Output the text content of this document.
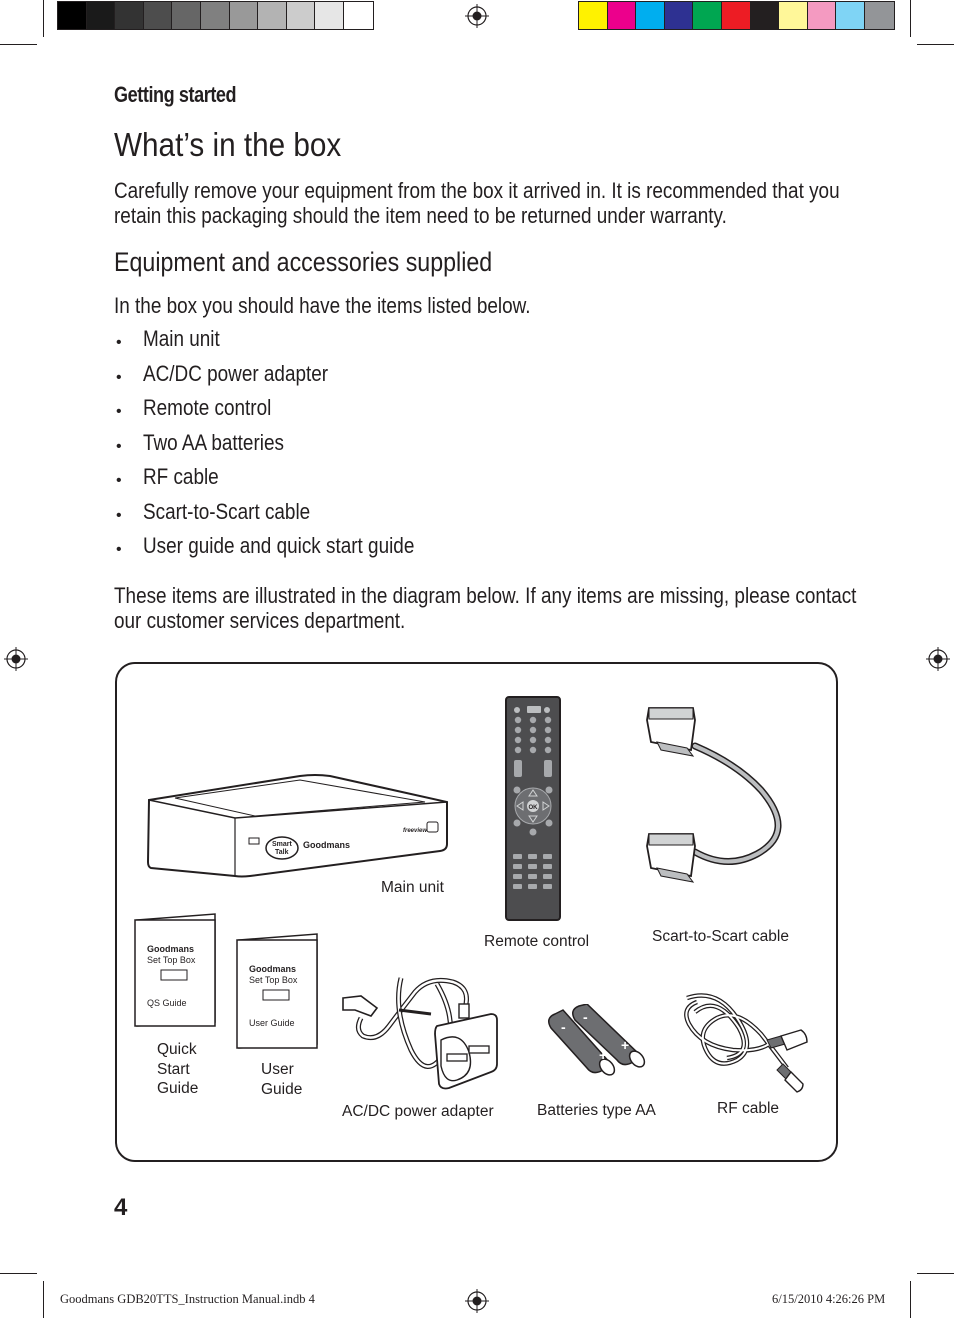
Getting started
What’s in the box
Carefully remove your equipment from the box it arrived in. It is recommended that you
retain this packaging should the item need to be returned under warranty.
Equipment and accessories supplied
In the box you should have the items listed below.
• Main unit
• AC/DC power adapter
• Remote control
• Two AA batteries
• RF cable
• Scart-to-Scart cable
• User guide and quick start guide
These items are illustrated in the diagram below. If any items are missing, please contact
our customer services department.
Smart
Talk
Goodmans
freeview
Main unit
OK
Remote control	Scart-to-Scart cable
Goodmans
Set Top Box
QS Guide
Quick
Start
Guide
Goodmans
Set Top Box
User Guide
User
Guide
AC/DC power adapter
-
-
+
+
Batteries type AA	RF cable
4
Goodmans GDB20TTS_Instruction Manual.indb 4	6/15/2010 4:26:26 PM
